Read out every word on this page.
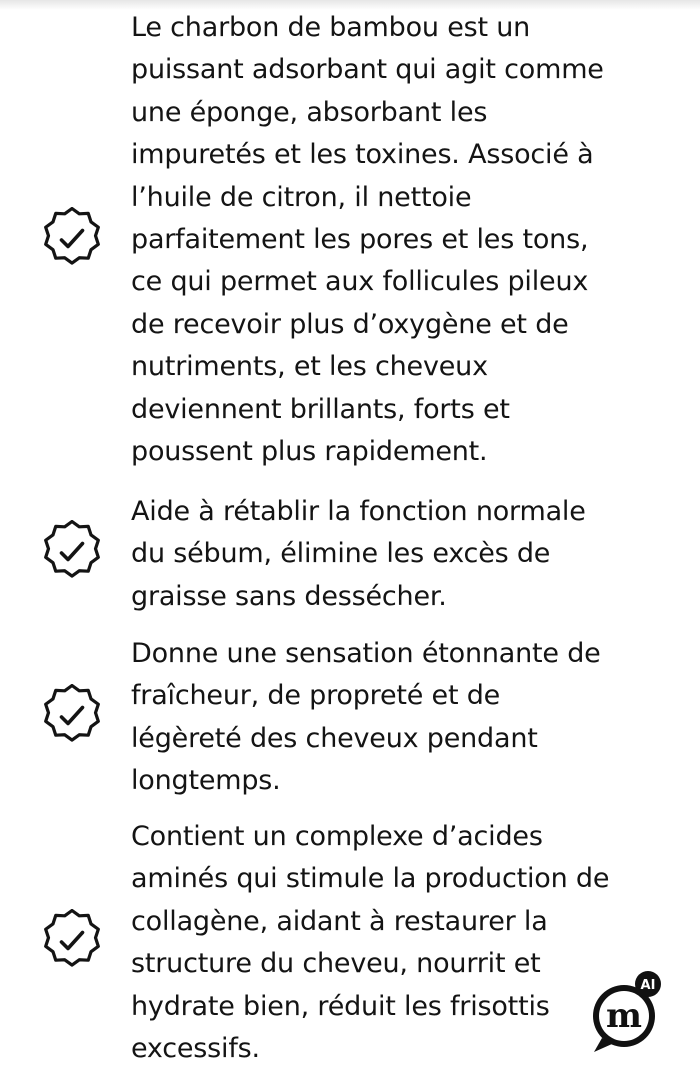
Le charbon de bambou est un
puissant adsorbant qui agit comme
une éponge, absorbant les
impuretés et les toxines. Associé à
l’huile de citron, il nettoie
parfaitement les pores et les tons,
ce qui permet aux follicules pileux
de recevoir plus d’oxygène et de
nutriments, et les cheveux
deviennent brillants, forts et
poussent plus rapidement.

Aide à rétablir la fonction normale
du sébum, élimine les excès de
graisse sans dessécher.

Donne une sensation étonnante de
fraîcheur, de propreté et de
légèreté des cheveux pendant
longtemps.

Contient un complexe d’acides
aminés qui stimule la production de
collagène, aidant à restaurer la
structure du cheveu, nourrit et
hydrate bien, réduit les frisottis
excessifs.

m
AI
